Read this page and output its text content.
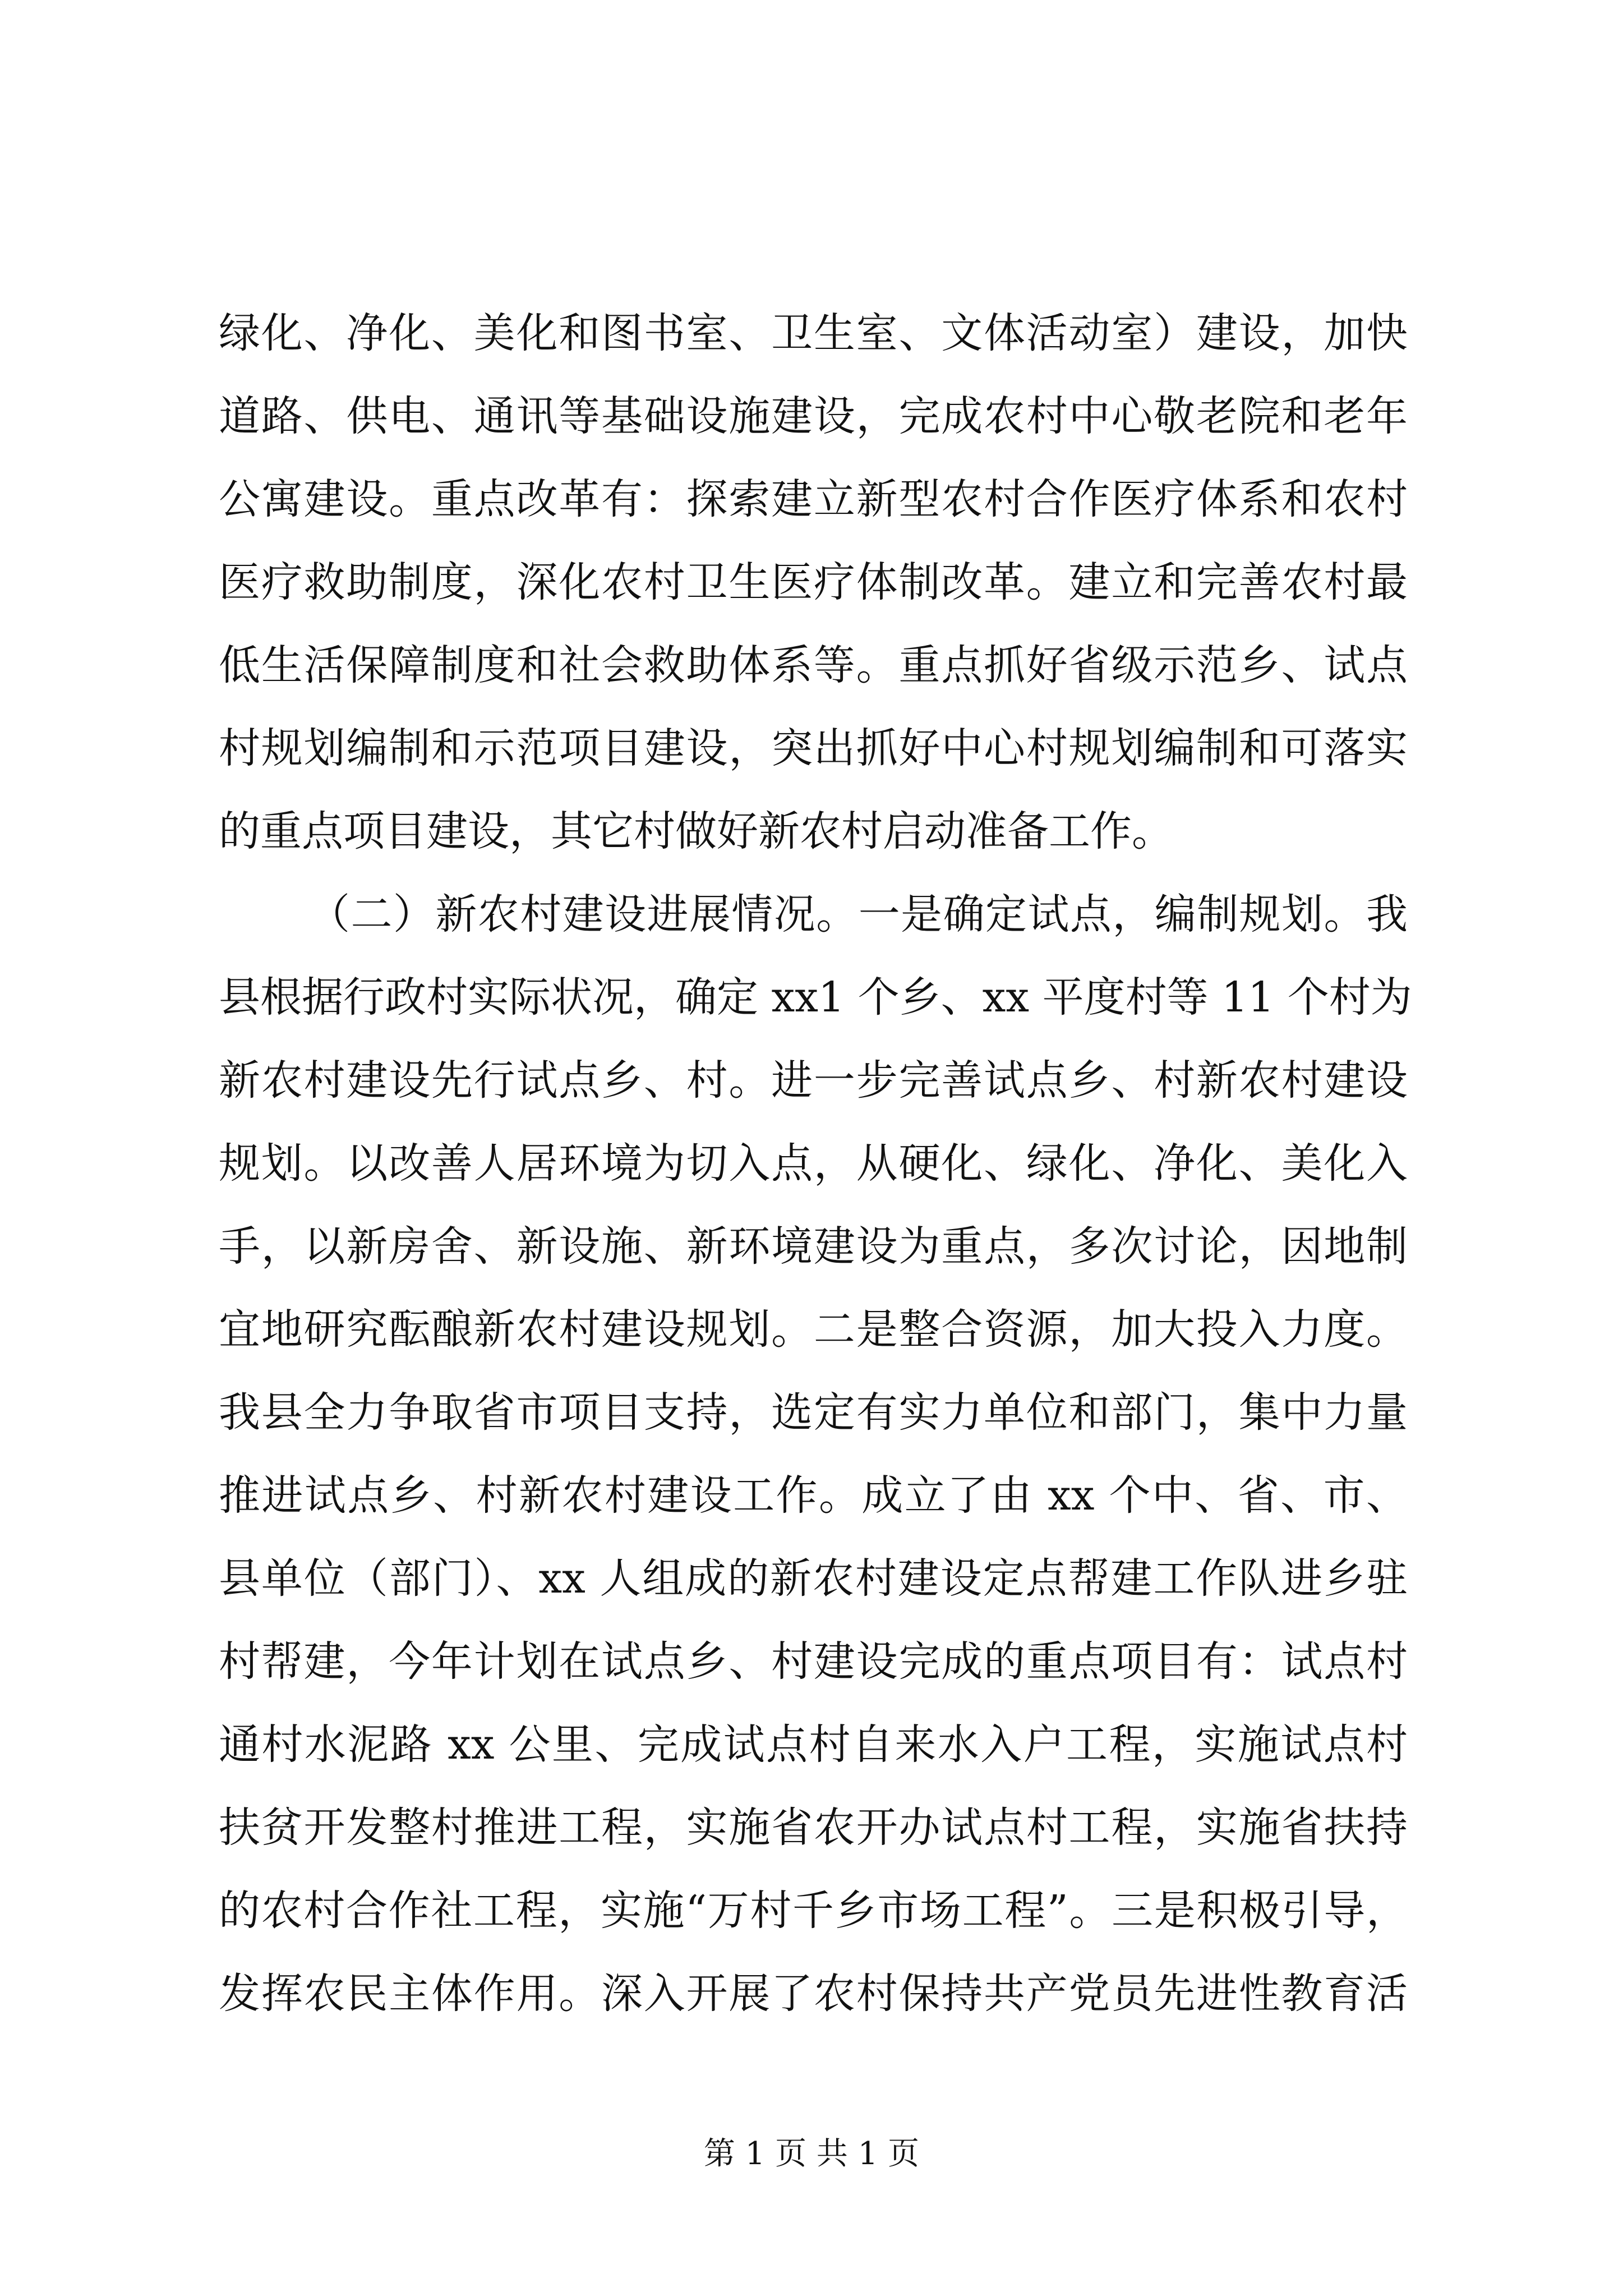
绿化、净化、美化和图书室、卫生室、文体活动室）建设，加快
道路、供电、通讯等基础设施建设，完成农村中心敬老院和老年
公寓建设。重点改革有：探索建立新型农村合作医疗体系和农村
医疗救助制度，深化农村卫生医疗体制改革。建立和完善农村最
低生活保障制度和社会救助体系等。重点抓好省级示范乡、试点
村规划编制和示范项目建设，突出抓好中心村规划编制和可落实
的重点项目建设，其它村做好新农村启动准备工作。
（二）新农村建设进展情况。一是确定试点，编制规划。我
县根据行政村实际状况，确定 xx1 个乡、xx 平度村等 11 个村为
新农村建设先行试点乡、村。进一步完善试点乡、村新农村建设
规划。以改善人居环境为切入点，从硬化、绿化、净化、美化入
手，以新房舍、新设施、新环境建设为重点，多次讨论，因地制
宜地研究酝酿新农村建设规划。二是整合资源，加大投入力度。
我县全力争取省市项目支持，选定有实力单位和部门，集中力量
推进试点乡、村新农村建设工作。成立了由 xx 个中、省、市、
县单位（部门）、xx 人组成的新农村建设定点帮建工作队进乡驻
村帮建，今年计划在试点乡、村建设完成的重点项目有：试点村
通村水泥路 xx 公里、完成试点村自来水入户工程，实施试点村
扶贫开发整村推进工程，实施省农开办试点村工程，实施省扶持
的农村合作社工程，实施“万村千乡市场工程”。三是积极引导，
发挥农民主体作用。深入开展了农村保持共产党员先进性教育活
第 1 页 共 1 页
